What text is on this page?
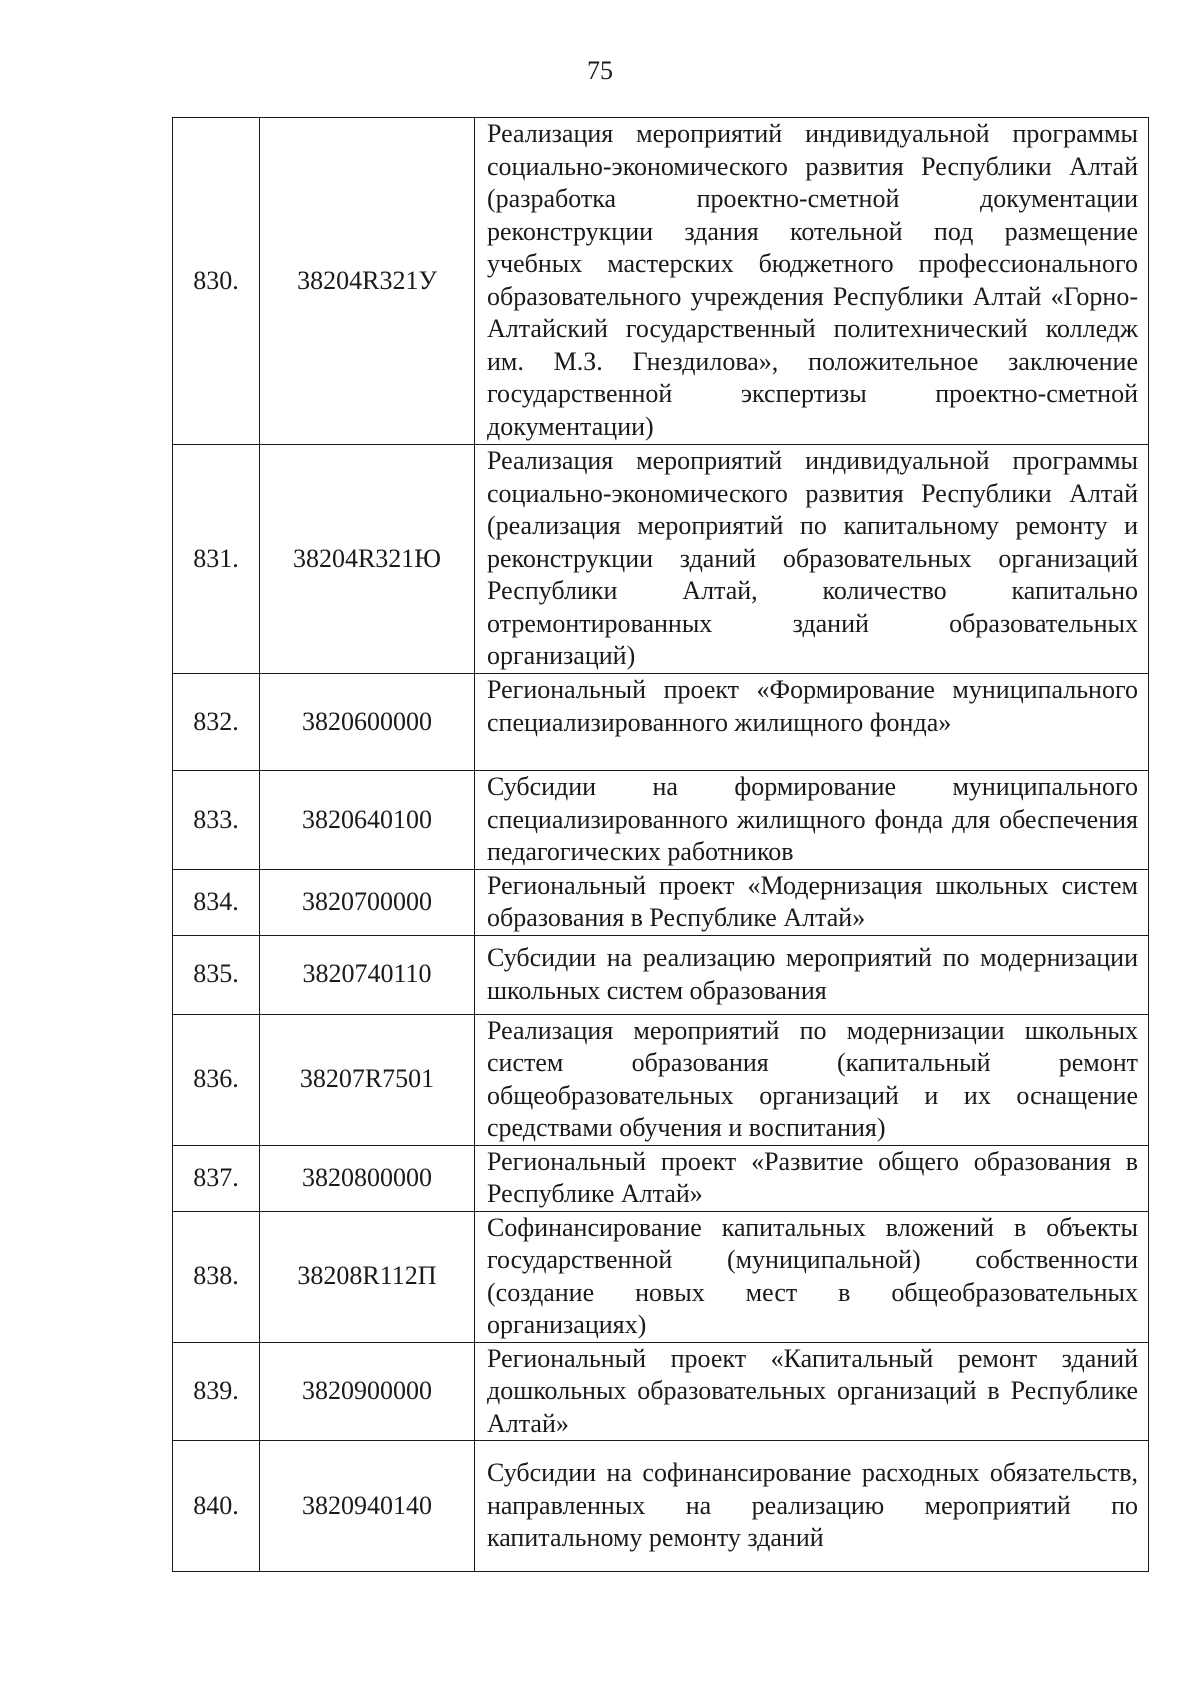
75
830.	38204R321У	Реализация мероприятий индивидуальной программы социально-экономического развития Республики Алтай (разработка проектно-сметной документации реконструкции здания котельной под размещение учебных мастерских бюджетного профессионального образовательного учреждения Республики Алтай «Горно-Алтайский государственный политехнический колледж им. М.З. Гнездилова», положительное заключение государственной экспертизы проектно-сметной документации)

831.	38204R321Ю	Реализация мероприятий индивидуальной программы социально-экономического развития Республики Алтай (реализация мероприятий по капитальному ремонту и реконструкции зданий образовательных организаций Республики Алтай, количество капитально отремонтированных зданий образовательных организаций)

832.	3820600000	Региональный проект «Формирование муниципального специализированного жилищного фонда»

833.	3820640100	Субсидии на формирование муниципального специализированного жилищного фонда для обеспечения педагогических работников

834.	3820700000	Региональный проект «Модернизация школьных систем образования в Республике Алтай»

835.	3820740110	Субсидии на реализацию мероприятий по модернизации школьных систем образования

836.	38207R7501	Реализация мероприятий по модернизации школьных систем образования (капитальный ремонт общеобразовательных организаций и их оснащение средствами обучения и воспитания)

837.	3820800000	Региональный проект «Развитие общего образования в Республике Алтай»

838.	38208R112П	Софинансирование капитальных вложений в объекты государственной (муниципальной) собственности (создание новых мест в общеобразовательных организациях)

839.	3820900000	Региональный проект «Капитальный ремонт зданий дошкольных образовательных организаций в Республике Алтай»

840.	3820940140	Субсидии на софинансирование расходных обязательств, направленных на реализацию мероприятий по капитальному ремонту зданий
